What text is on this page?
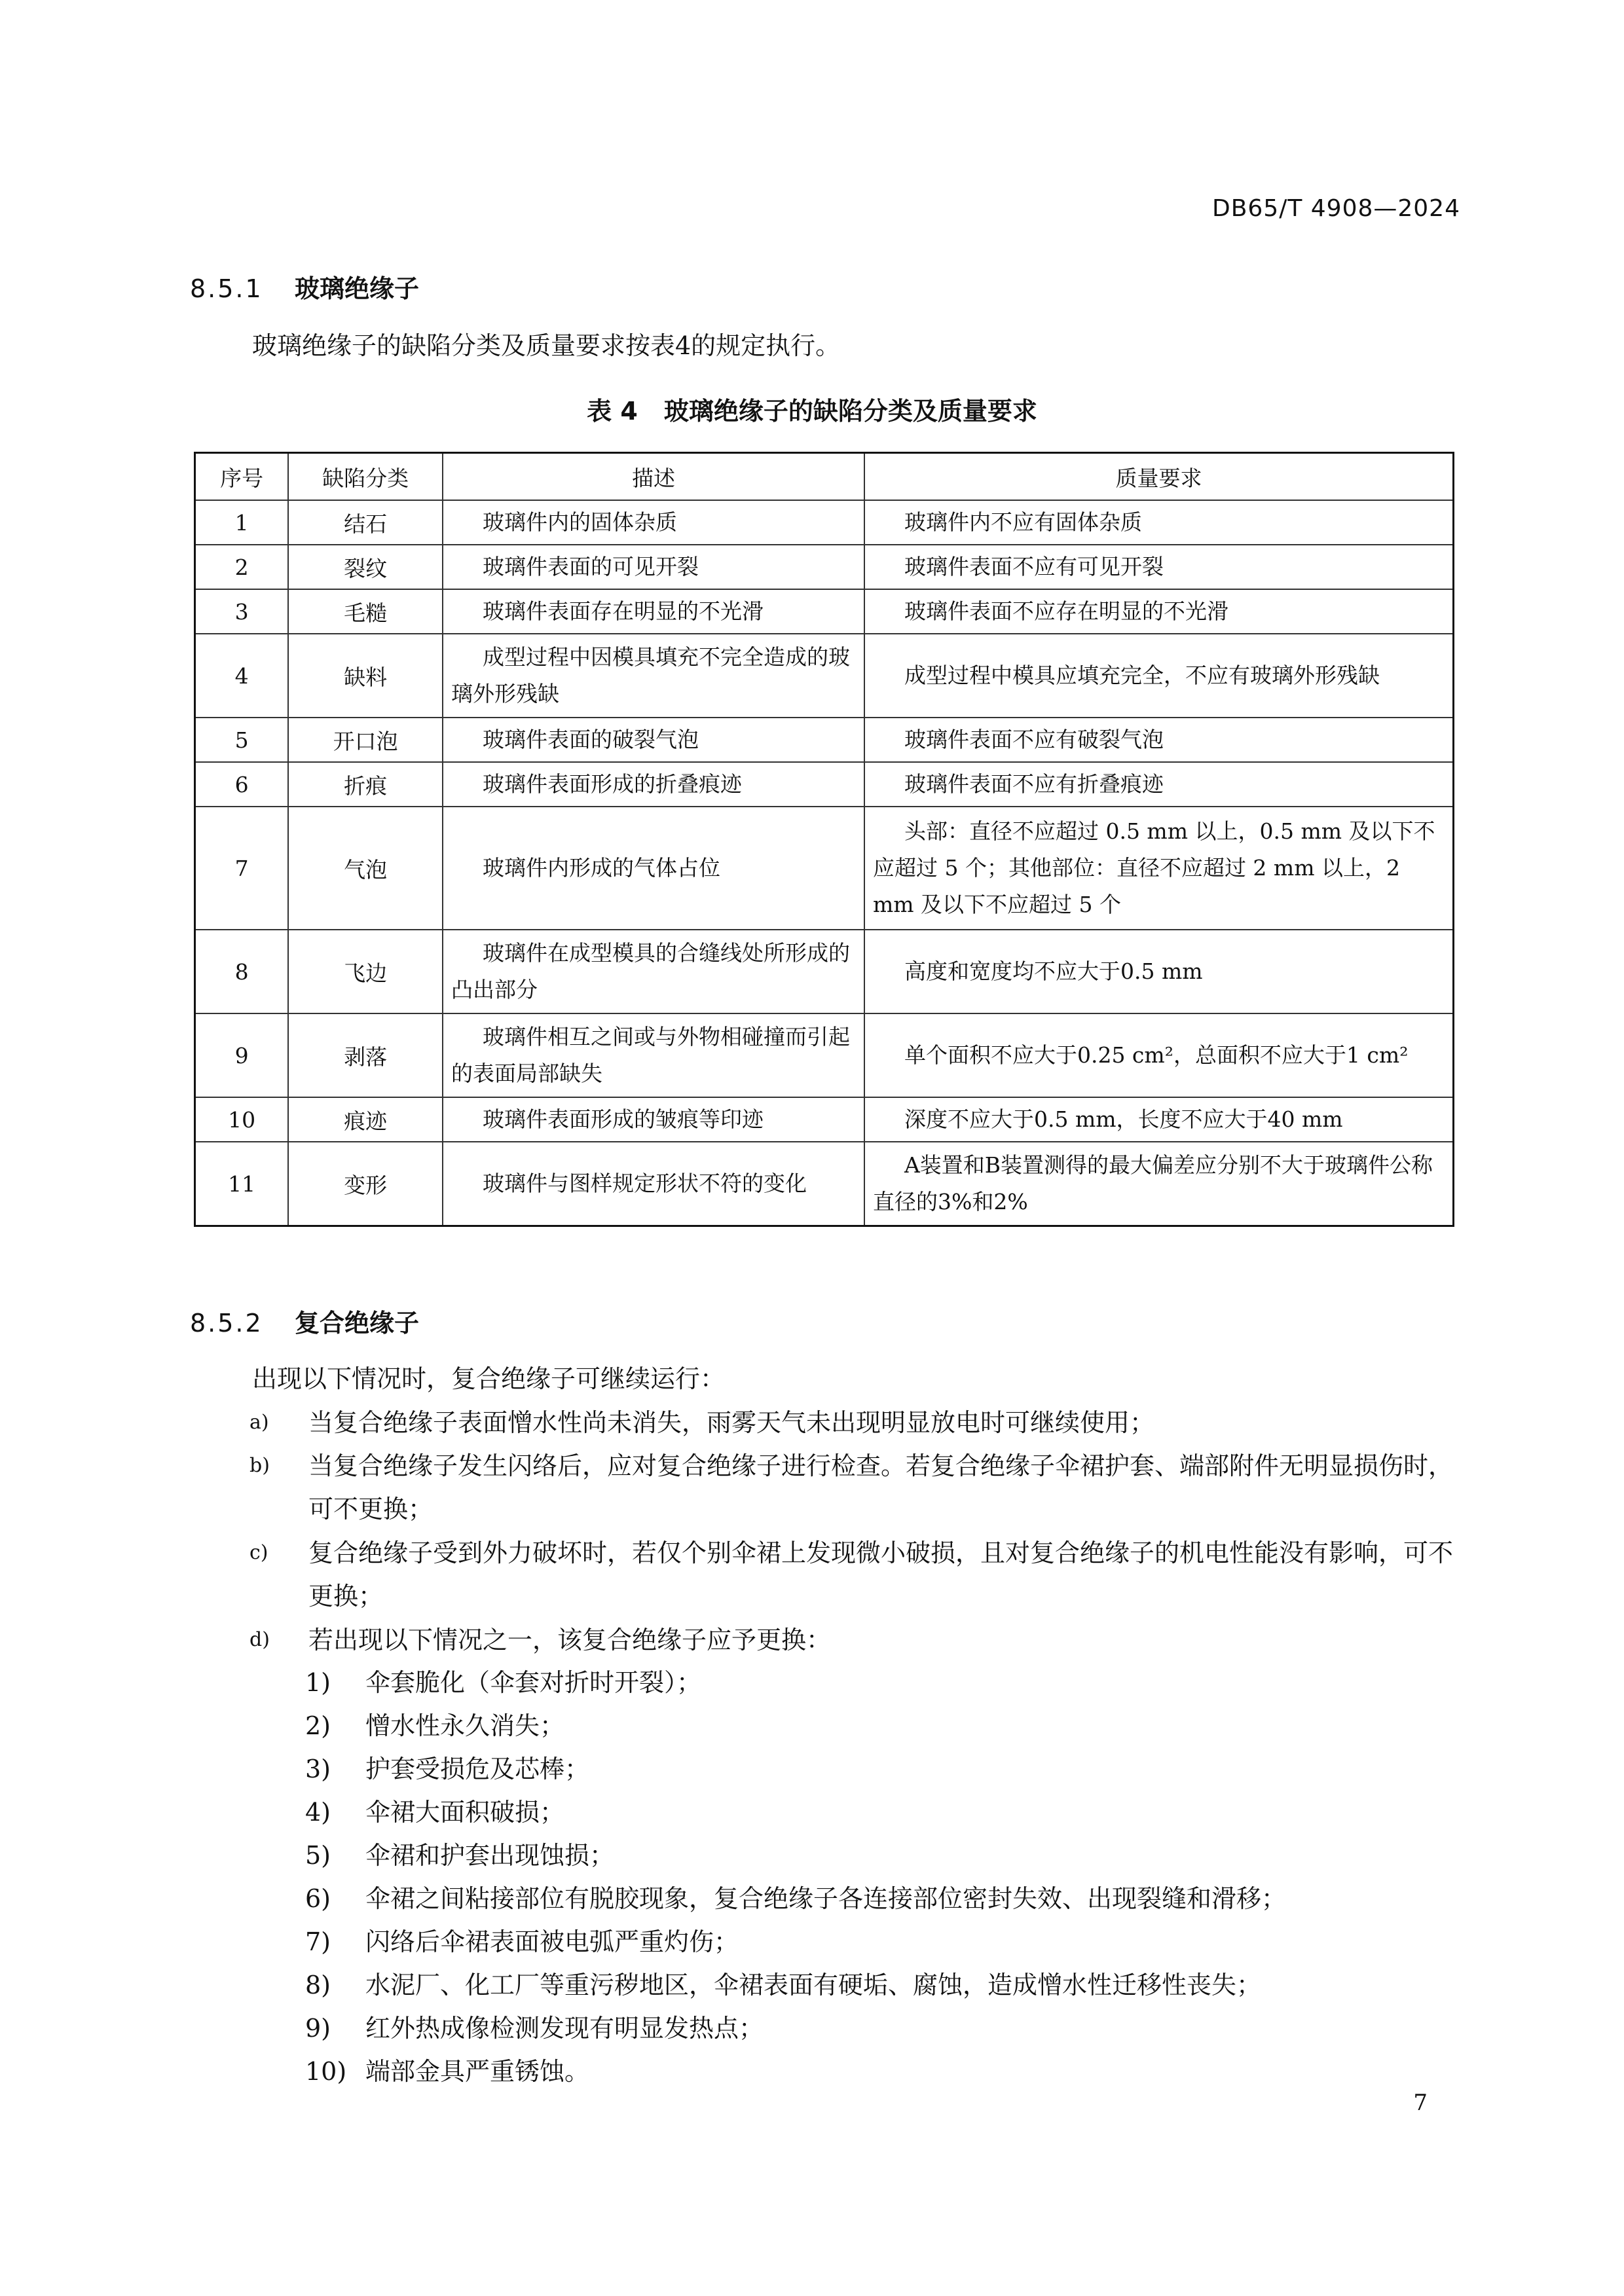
DB65/T 4908—2024
8.5.1 玻璃绝缘子
玻璃绝缘子的缺陷分类及质量要求按表4的规定执行。
表 4 玻璃绝缘子的缺陷分类及质量要求
序号	缺陷分类	描述	质量要求
1	结石	玻璃件内的固体杂质	玻璃件内不应有固体杂质
2	裂纹	玻璃件表面的可见开裂	玻璃件表面不应有可见开裂
3	毛糙	玻璃件表面存在明显的不光滑	玻璃件表面不应存在明显的不光滑
4	缺料	成型过程中因模具填充不完全造成的玻璃外形残缺	成型过程中模具应填充完全，不应有玻璃外形残缺
5	开口泡	玻璃件表面的破裂气泡	玻璃件表面不应有破裂气泡
6	折痕	玻璃件表面形成的折叠痕迹	玻璃件表面不应有折叠痕迹
7	气泡	玻璃件内形成的气体占位	头部：直径不应超过 0.5 mm 以上，0.5 mm 及以下不应超过 5 个；其他部位：直径不应超过 2 mm 以上，2 mm 及以下不应超过 5 个
8	飞边	玻璃件在成型模具的合缝线处所形成的凸出部分	高度和宽度均不应大于0.5 mm
9	剥落	玻璃件相互之间或与外物相碰撞而引起的表面局部缺失	单个面积不应大于0.25 cm²，总面积不应大于1 cm²
10	痕迹	玻璃件表面形成的皱痕等印迹	深度不应大于0.5 mm，长度不应大于40 mm
11	变形	玻璃件与图样规定形状不符的变化	A装置和B装置测得的最大偏差应分别不大于玻璃件公称直径的3%和2%
8.5.2 复合绝缘子
出现以下情况时，复合绝缘子可继续运行：
a) 当复合绝缘子表面憎水性尚未消失，雨雾天气未出现明显放电时可继续使用；
b) 当复合绝缘子发生闪络后，应对复合绝缘子进行检查。若复合绝缘子伞裙护套、端部附件无明显损伤时，可不更换；
c) 复合绝缘子受到外力破坏时，若仅个别伞裙上发现微小破损，且对复合绝缘子的机电性能没有影响，可不更换；
d) 若出现以下情况之一，该复合绝缘子应予更换：
1) 伞套脆化（伞套对折时开裂）；
2) 憎水性永久消失；
3) 护套受损危及芯棒；
4) 伞裙大面积破损；
5) 伞裙和护套出现蚀损；
6) 伞裙之间粘接部位有脱胶现象，复合绝缘子各连接部位密封失效、出现裂缝和滑移；
7) 闪络后伞裙表面被电弧严重灼伤；
8) 水泥厂、化工厂等重污秽地区，伞裙表面有硬垢、腐蚀，造成憎水性迁移性丧失；
9) 红外热成像检测发现有明显发热点；
10) 端部金具严重锈蚀。
7
